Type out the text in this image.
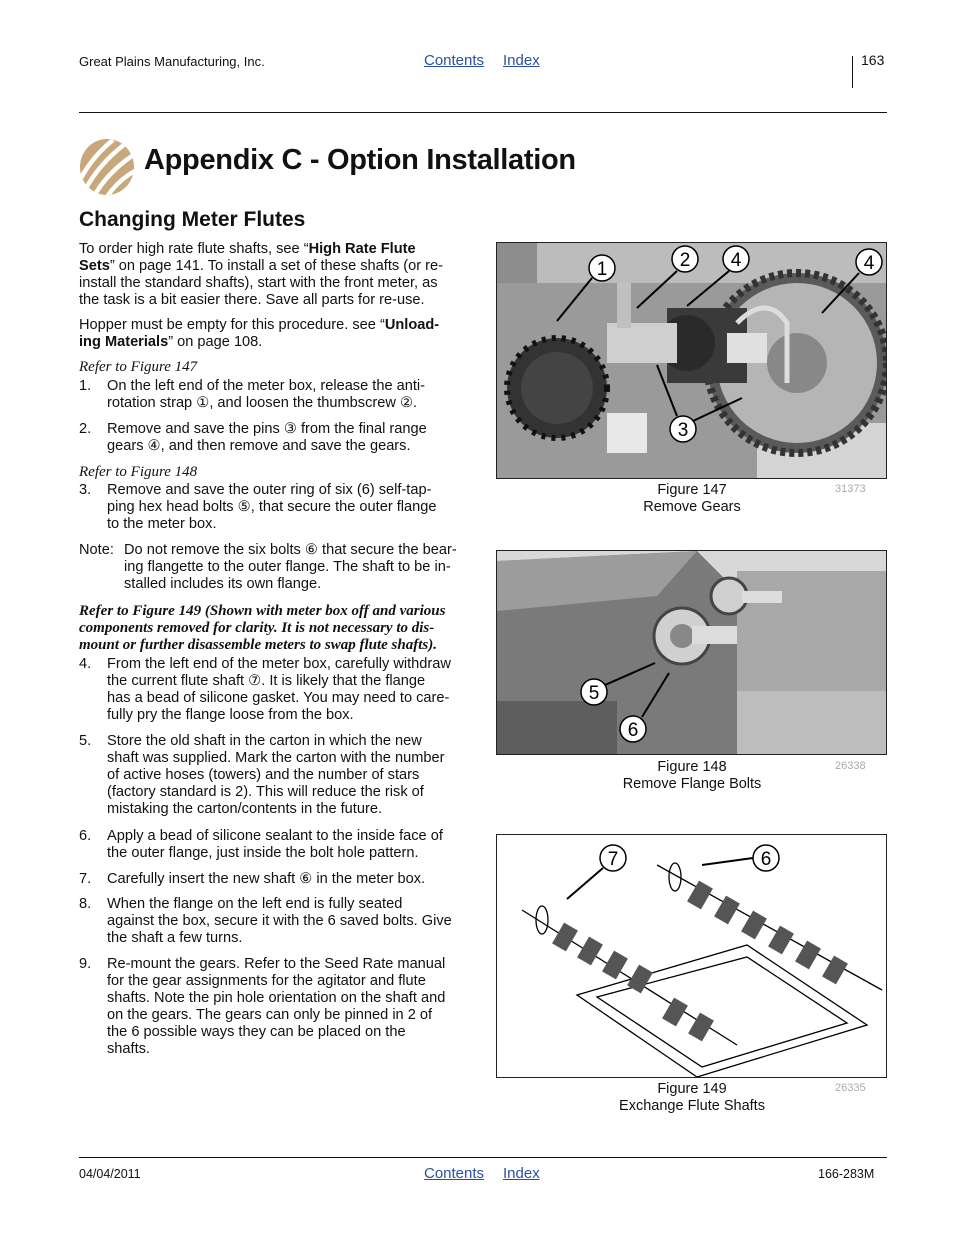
Great Plains Manufacturing, Inc.	Contents Index	163
Appendix C - Option Installation
Changing Meter Flutes

To order high rate flute shafts, see “High Rate Flute

Sets” on page 141. To install a set of these shafts (or re-

install the standard shafts), start with the front meter, as

the task is a bit easier there. Save all parts for re-use.

Hopper must be empty for this procedure. see “Unload-

ing Materials” on page 108.

Refer to Figure 147
1. On the left end of the meter box, release the anti-

rotation strap ①, and loosen the thumbscrew ②.

2. Remove and save the pins ③ from the final range

gears ④, and then remove and save the gears.

Refer to Figure 148
3. Remove and save the outer ring of six (6) self-tap-

ping hex head bolts ⑤, that secure the outer flange

to the meter box.

Note: Do not remove the six bolts ⑥ that secure the bear-

ing flangette to the outer flange. The shaft to be in-

stalled includes its own flange.

Refer to Figure 149 (Shown with meter box off and various
components removed for clarity. It is not necessary to dis-
mount or further disassemble meters to swap flute shafts).
4. From the left end of the meter box, carefully withdraw

the current flute shaft ⑦. It is likely that the flange

has a bead of silicone gasket. You may need to care-

fully pry the flange loose from the box.

5. Store the old shaft in the carton in which the new

shaft was supplied. Mark the carton with the number

of active hoses (towers) and the number of stars

(factory standard is 2). This will reduce the risk of

mistaking the carton/contents in the future.

6. Apply a bead of silicone sealant to the inside face of

the outer flange, just inside the bolt hole pattern.

7. Carefully insert the new shaft ⑥ in the meter box.

8. When the flange on the left end is fully seated

against the box, secure it with the 6 saved bolts. Give

the shaft a few turns.

9. Re-mount the gears. Refer to the Seed Rate manual

for the gear assignments for the agitator and flute

shafts. Note the pin hole orientation on the shaft and

on the gears. The gears can only be pinned in 2 of

the 6 possible ways they can be placed on the

shafts.

1	2 4	4
3
Figure 147
Remove Gears
31373
5
6
Figure 148
Remove Flange Bolts
26338
7	6
Figure 149
Exchange Flute Shafts
26335
04/04/2011	Contents Index	166-283M
